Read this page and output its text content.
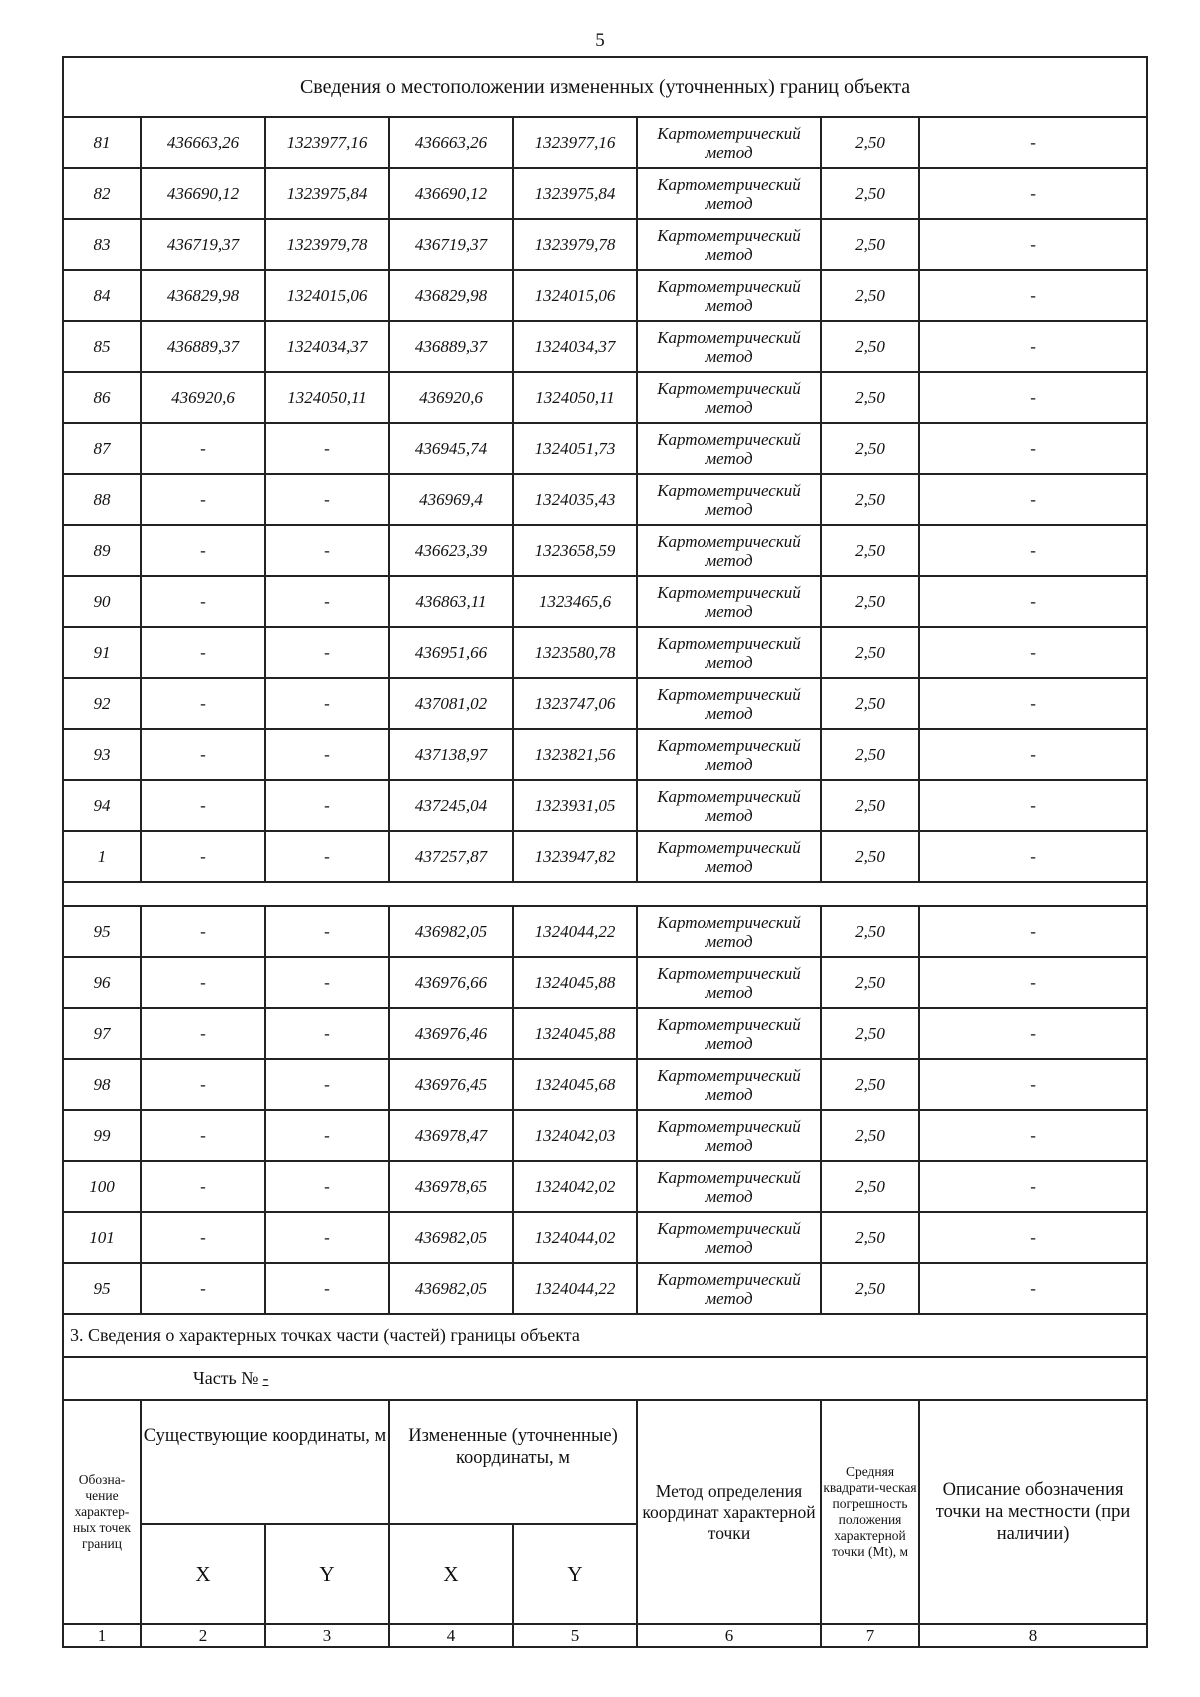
5
Сведения о местоположении измененных (уточненных) границ объекта							
81	436663,26	1323977,16	436663,26	1323977,16	Картометрический метод	2,50	-
82	436690,12	1323975,84	436690,12	1323975,84	Картометрический метод	2,50	-
83	436719,37	1323979,78	436719,37	1323979,78	Картометрический метод	2,50	-
84	436829,98	1324015,06	436829,98	1324015,06	Картометрический метод	2,50	-
85	436889,37	1324034,37	436889,37	1324034,37	Картометрический метод	2,50	-
86	436920,6	1324050,11	436920,6	1324050,11	Картометрический метод	2,50	-
87	-	-	436945,74	1324051,73	Картометрический метод	2,50	-
88	-	-	436969,4	1324035,43	Картометрический метод	2,50	-
89	-	-	436623,39	1323658,59	Картометрический метод	2,50	-
90	-	-	436863,11	1323465,6	Картометрический метод	2,50	-
91	-	-	436951,66	1323580,78	Картометрический метод	2,50	-
92	-	-	437081,02	1323747,06	Картометрический метод	2,50	-
93	-	-	437138,97	1323821,56	Картометрический метод	2,50	-
94	-	-	437245,04	1323931,05	Картометрический метод	2,50	-
1	-	-	437257,87	1323947,82	Картометрический метод	2,50	-

95	-	-	436982,05	1324044,22	Картометрический метод	2,50	-
96	-	-	436976,66	1324045,88	Картометрический метод	2,50	-
97	-	-	436976,46	1324045,88	Картометрический метод	2,50	-
98	-	-	436976,45	1324045,68	Картометрический метод	2,50	-
99	-	-	436978,47	1324042,03	Картометрический метод	2,50	-
100	-	-	436978,65	1324042,02	Картометрический метод	2,50	-
101	-	-	436982,05	1324044,02	Картометрический метод	2,50	-
95	-	-	436982,05	1324044,22	Картометрический метод	2,50	-
3. Сведения о характерных точках части (частей) границы объекта							
Часть № -							
Обозна-чение характер-ных точек границ	Существующие координаты, м		Измененные (уточненные) координаты, м		Метод определения координат характерной точки	Средняя квадрати-ческая погрешность положения характерной точки (Mt), м	Описание обозначения точки на местности (при наличии)
	X	Y	X	Y			
1	2	3	4	5	6	7	8
